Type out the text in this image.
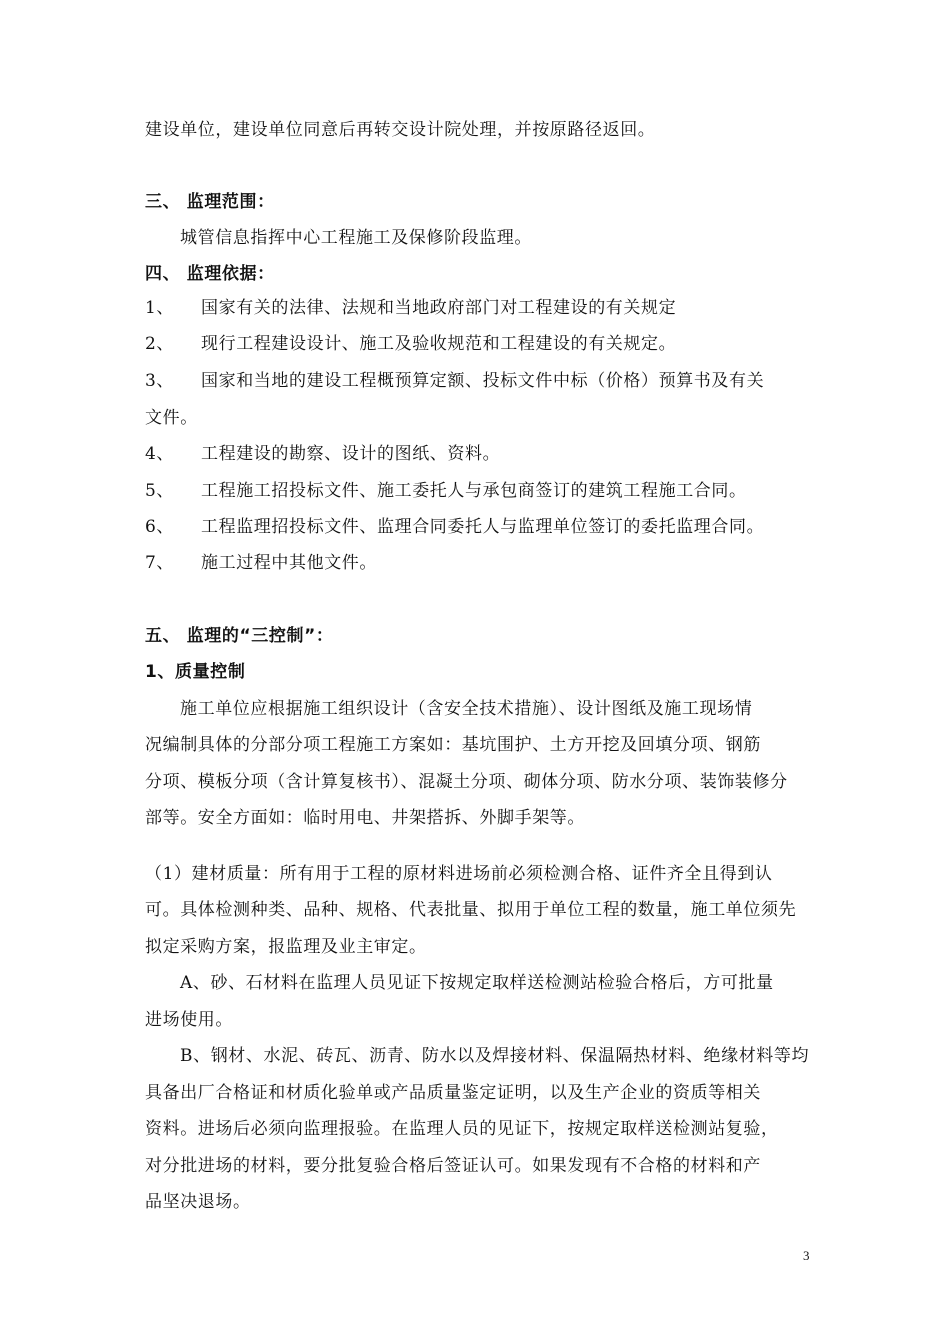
建设单位，建设单位同意后再转交设计院处理，并按原路径返回。
三、 监理范围：
城管信息指挥中心工程施工及保修阶段监理。
四、 监理依据：
1、 国家有关的法律、法规和当地政府部门对工程建设的有关规定
2、 现行工程建设设计、施工及验收规范和工程建设的有关规定。
3、 国家和当地的建设工程概预算定额、投标文件中标（价格）预算书及有关
文件。
4、 工程建设的勘察、设计的图纸、资料。
5、 工程施工招投标文件、施工委托人与承包商签订的建筑工程施工合同。
6、 工程监理招投标文件、监理合同委托人与监理单位签订的委托监理合同。
7、 施工过程中其他文件。
五、 监理的“三控制”：
1、质量控制
施工单位应根据施工组织设计（含安全技术措施）、设计图纸及施工现场情
况编制具体的分部分项工程施工方案如：基坑围护、土方开挖及回填分项、钢筋
分项、模板分项（含计算复核书）、混凝土分项、砌体分项、防水分项、装饰装修分
部等。安全方面如：临时用电、井架搭拆、外脚手架等。
（1）建材质量：所有用于工程的原材料进场前必须检测合格、证件齐全且得到认
可。具体检测种类、品种、规格、代表批量、拟用于单位工程的数量，施工单位须先
拟定采购方案，报监理及业主审定。
A、砂、石材料在监理人员见证下按规定取样送检测站检验合格后，方可批量
进场使用。
B、钢材、水泥、砖瓦、沥青、防水以及焊接材料、保温隔热材料、绝缘材料等均
具备出厂合格证和材质化验单或产品质量鉴定证明，以及生产企业的资质等相关
资料。进场后必须向监理报验。在监理人员的见证下，按规定取样送检测站复验，
对分批进场的材料，要分批复验合格后签证认可。如果发现有不合格的材料和产
品坚决退场。
3
